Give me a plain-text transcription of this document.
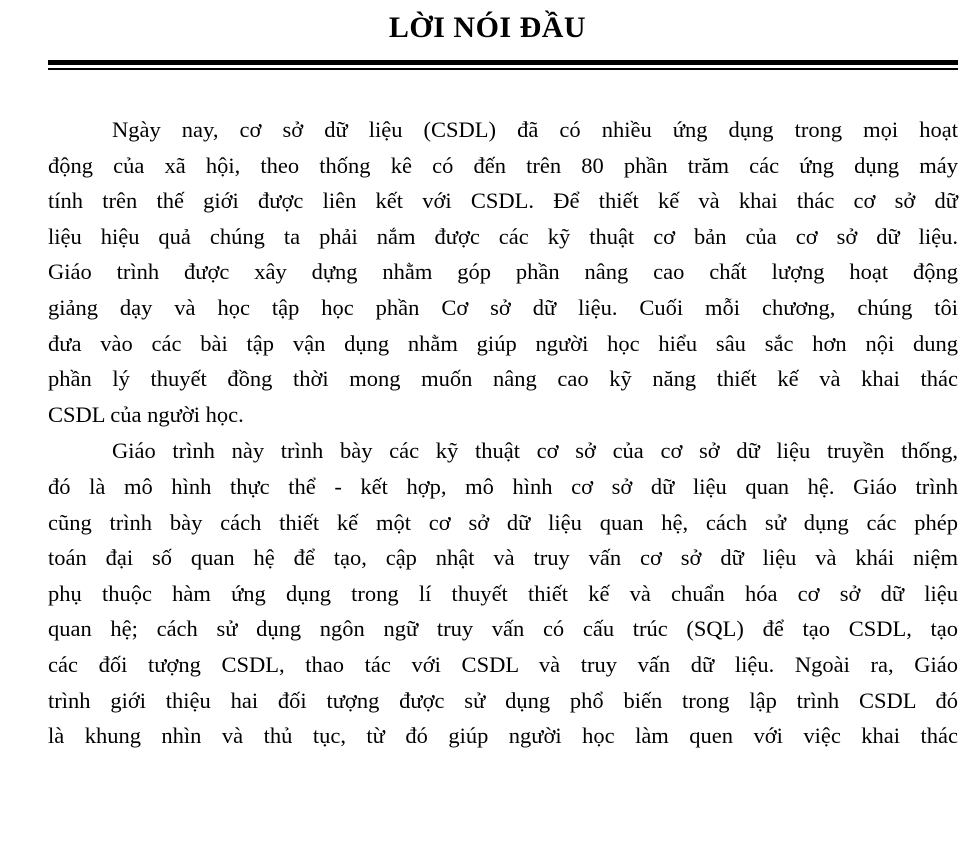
LỜI NÓI ĐẦU
Ngày nay, cơ sở dữ liệu (CSDL) đã có nhiều ứng dụng trong mọi hoạt
động của xã hội, theo thống kê có đến trên 80 phần trăm các ứng dụng máy
tính trên thế giới được liên kết với CSDL. Để thiết kế và khai thác cơ sở dữ
liệu hiệu quả chúng ta phải nắm được các kỹ thuật cơ bản của cơ sở dữ liệu.
Giáo trình được xây dựng nhằm góp phần nâng cao chất lượng hoạt động
giảng dạy và học tập học phần Cơ sở dữ liệu. Cuối mỗi chương, chúng tôi
đưa vào các bài tập vận dụng nhằm giúp người học hiểu sâu sắc hơn nội dung
phần lý thuyết đồng thời mong muốn nâng cao kỹ năng thiết kế và khai thác
CSDL của người học.
Giáo trình này trình bày các kỹ thuật cơ sở của cơ sở dữ liệu truyền thống,
đó là mô hình thực thể - kết hợp, mô hình cơ sở dữ liệu quan hệ. Giáo trình
cũng trình bày cách thiết kế một cơ sở dữ liệu quan hệ, cách sử dụng các phép
toán đại số quan hệ để tạo, cập nhật và truy vấn cơ sở dữ liệu và khái niệm
phụ thuộc hàm ứng dụng trong lí thuyết thiết kế và chuẩn hóa cơ sở dữ liệu
quan hệ; cách sử dụng ngôn ngữ truy vấn có cấu trúc (SQL) để tạo CSDL, tạo
các đối tượng CSDL, thao tác với CSDL và truy vấn dữ liệu. Ngoài ra, Giáo
trình giới thiệu hai đối tượng được sử dụng phổ biến trong lập trình CSDL đó
là khung nhìn và thủ tục, từ đó giúp người học làm quen với việc khai thác
